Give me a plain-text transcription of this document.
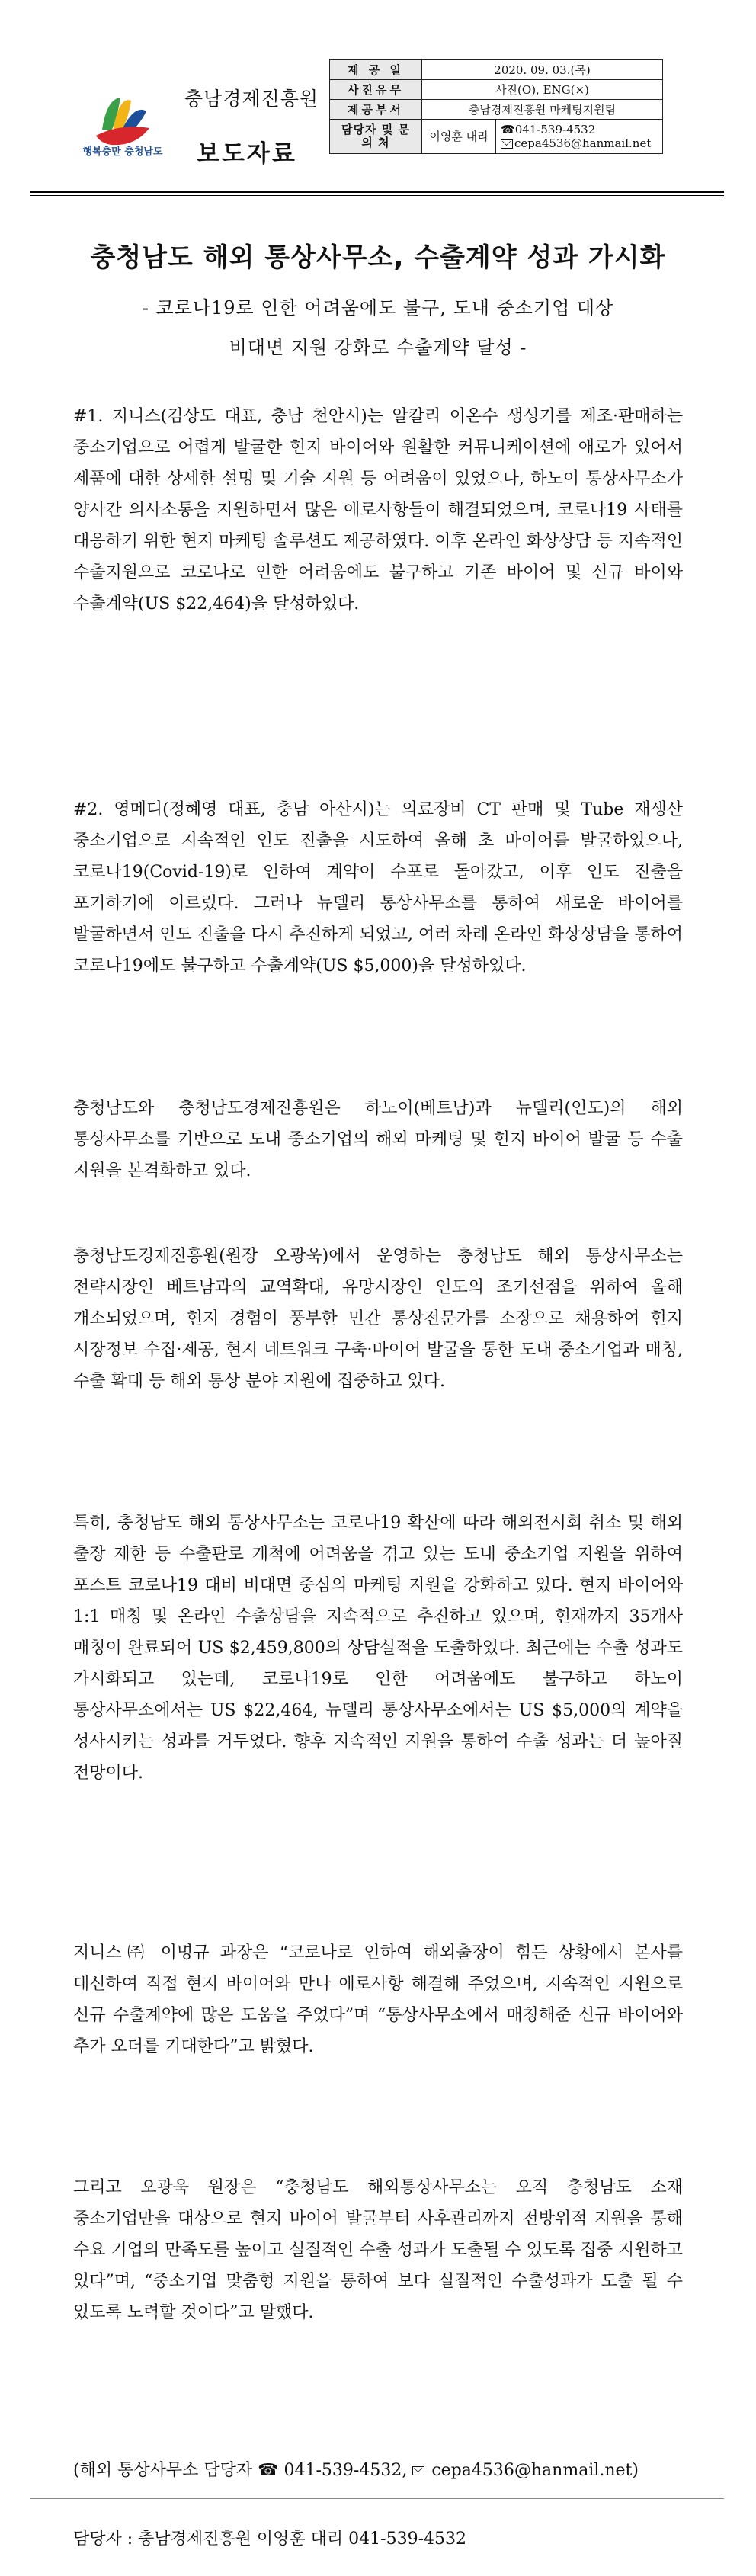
행복충만 충청남도
충남경제진흥원
보도자료
제 공 일	2020. 09. 03.(목)	
사진유무	사진(O), ENG(×)	
제공부서	충남경제진흥원 마케팅지원팀	
담당자 및 문 의 처	이영훈 대리	☎041-539-4532
cepa4536@hanmail.net
충청남도 해외 통상사무소, 수출계약 성과 가시화
- 코로나19로 인한 어려움에도 불구, 도내 중소기업 대상
비대면 지원 강화로 수출계약 달성 -
#1. 지니스(김상도 대표, 충남 천안시)는 알칼리 이온수 생성기를 제조·판매하는 중소기업으로 어렵게 발굴한 현지 바이어와 원활한 커뮤니케이션에 애로가 있어서 제품에 대한 상세한 설명 및 기술 지원 등 어려움이 있었으나, 하노이 통상사무소가 양사간 의사소통을 지원하면서 많은 애로사항들이 해결되었으며, 코로나19 사태를 대응하기 위한 현지 마케팅 솔루션도 제공하였다. 이후 온라인 화상상담 등 지속적인 수출지원으로 코로나로 인한 어려움에도 불구하고 기존 바이어 및 신규 바이와 수출계약(US $22,464)을 달성하였다.
#2. 영메디(정혜영 대표, 충남 아산시)는 의료장비 CT 판매 및 Tube 재생산 중소기업으로 지속적인 인도 진출을 시도하여 올해 초 바이어를 발굴하였으나, 코로나19(Covid-19)로 인하여 계약이 수포로 돌아갔고, 이후 인도 진출을 포기하기에 이르렀다. 그러나 뉴델리 통상사무소를 통하여 새로운 바이어를 발굴하면서 인도 진출을 다시 추진하게 되었고, 여러 차례 온라인 화상상담을 통하여 코로나19에도 불구하고 수출계약(US $5,000)을 달성하였다.
충청남도와 충청남도경제진흥원은 하노이(베트남)과 뉴델리(인도)의 해외 통상사무소를 기반으로 도내 중소기업의 해외 마케팅 및 현지 바이어 발굴 등 수출 지원을 본격화하고 있다.
충청남도경제진흥원(원장 오광욱)에서 운영하는 충청남도 해외 통상사무소는 전략시장인 베트남과의 교역확대, 유망시장인 인도의 조기선점을 위하여 올해 개소되었으며, 현지 경험이 풍부한 민간 통상전문가를 소장으로 채용하여 현지 시장정보 수집·제공, 현지 네트워크 구축·바이어 발굴을 통한 도내 중소기업과 매칭, 수출 확대 등 해외 통상 분야 지원에 집중하고 있다.
특히, 충청남도 해외 통상사무소는 코로나19 확산에 따라 해외전시회 취소 및 해외 출장 제한 등 수출판로 개척에 어려움을 겪고 있는 도내 중소기업 지원을 위하여 포스트 코로나19 대비 비대면 중심의 마케팅 지원을 강화하고 있다. 현지 바이어와 1:1 매칭 및 온라인 수출상담을 지속적으로 추진하고 있으며, 현재까지 35개사 매칭이 완료되어 US $2,459,800의 상담실적을 도출하였다. 최근에는 수출 성과도 가시화되고 있는데, 코로나19로 인한 어려움에도 불구하고 하노이 통상사무소에서는 US $22,464, 뉴델리 통상사무소에서는 US $5,000의 계약을 성사시키는 성과를 거두었다. 향후 지속적인 지원을 통하여 수출 성과는 더 높아질 전망이다.
지니스㈜ 이명규 과장은 “코로나로 인하여 해외출장이 힘든 상황에서 본사를 대신하여 직접 현지 바이어와 만나 애로사항 해결해 주었으며, 지속적인 지원으로 신규 수출계약에 많은 도움을 주었다”며 “통상사무소에서 매칭해준 신규 바이어와 추가 오더를 기대한다”고 밝혔다.
그리고 오광욱 원장은 “충청남도 해외통상사무소는 오직 충청남도 소재 중소기업만을 대상으로 현지 바이어 발굴부터 사후관리까지 전방위적 지원을 통해 수요 기업의 만족도를 높이고 실질적인 수출 성과가 도출될 수 있도록 집중 지원하고 있다”며, “중소기업 맞춤형 지원을 통하여 보다 실질적인 수출성과가 도출 될 수 있도록 노력할 것이다”고 말했다.
(해외 통상사무소 담당자 ☎ 041-539-4532, cepa4536@hanmail.net)
담당자 : 충남경제진흥원 이영훈 대리 041-539-4532
